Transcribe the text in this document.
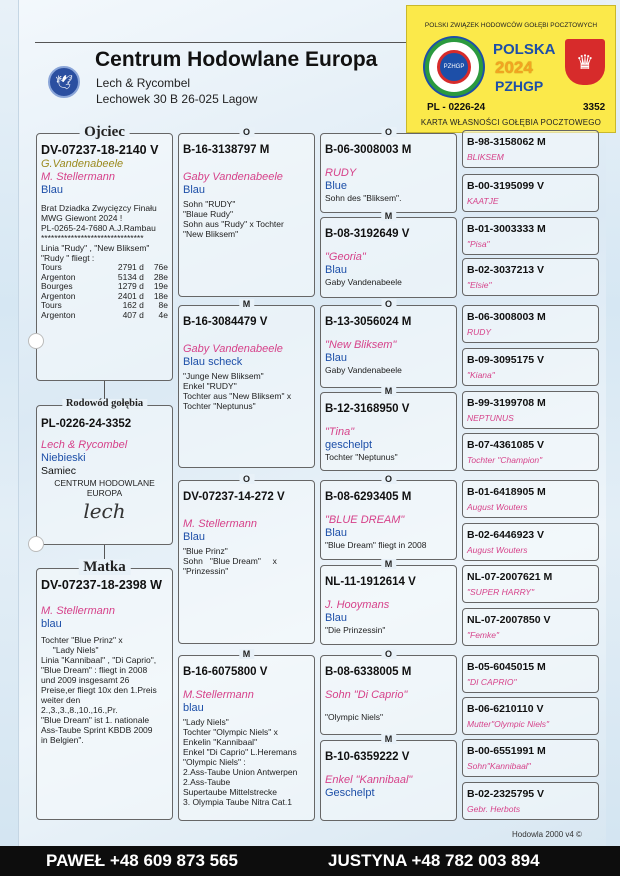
🕊
Centrum Hodowlane Europa
Lech & Rycombel
Lechowek 30 B 26-025 Lagow
POLSKI ZWIĄZEK HODOWCÓW GOŁĘBI POCZTOWYCH
PZHGP
POLSKA
2024
PZHGP
♛
PL - 0226-24	3352
KARTA WŁASNOŚCI GOŁĘBIA POCZTOWEGO
Ojciec
DV-07237-18-2140 V
G.Vandenabeele
M. Stellermann
Blau
Brat Dziadka Zwycięzcy Finału MWG Giewont 2024 !
PL-0265-24-7680 A.J.Rambau
*******************************
Linia "Rudy" , "New Bliksem"
"Rudy " fliegt :
Tours	2791 d	76e
Argenton	5134 d	28e
Bourges	1279 d	19e
Argenton	2401 d	18e
Tours	162 d	8e
Argenton	407 d	4e
Rodowód gołębia
PL-0226-24-3352
Lech & Rycombel
Niebieski
Samiec
CENTRUM HODOWLANE EUROPA
lech
Matka
DV-07237-18-2398 W
M. Stellermann
blau
Tochter "Blue Prinz" x
"Lady Niels"
Linia "Kannibaal" , "Di Caprio",
"Blue Dream" : fliegt in 2008
und 2009 insgesamt 26
Preise,er fliegt 10x den 1.Preis
weiter den
2.,3.,3.,8.,10.,16.,Pr.
"Blue Dream" ist 1. nationale
Ass-Taube Sprint KBDB 2009
in Belgien".
O
B-16-3138797 M
Gaby Vandenabeele
Blau
Sohn "RUDY"
"Blaue Rudy"
Sohn aus "Rudy" x Tochter
"New Bliksem"
M
B-16-3084479 V
Gaby Vandenabeele
Blau scheck
"Junge New Bliksem"
Enkel "RUDY"
Tochter aus "New Bliksem" x
Tochter "Neptunus"
O
DV-07237-14-272 V
M. Stellermann
Blau
"Blue Prinz"
Sohn   "Blue Dream"     x
"Prinzessin"
M
B-16-6075800 V
M.Stellermann
blau
"Lady Niels"
Tochter "Olympic Niels" x
Enkelin "Kannibaal"
Enkel "Di Caprio" L.Heremans
"Olympic Niels" :
2.Ass-Taube Union Antwerpen
2.Ass-Taube
Supertaube Mittelstrecke
3. Olympia Taube Nitra Cat.1
O
B-06-3008003 M
RUDY
Blue
Sohn des "Bliksem".
M
B-08-3192649 V
"Georia"
Blau
Gaby Vandenabeele
O
B-13-3056024 M
"New Bliksem"
Blau
Gaby Vandenabeele
M
B-12-3168950 V
"Tina"
geschelpt
Tochter "Neptunus"
O
B-08-6293405 M
"BLUE DREAM"
Blau
"Blue Dream" fliegt in 2008
M
NL-11-1912614 V
J. Hooymans
Blau
"Die Prinzessin"
O
B-08-6338005 M
Sohn "Di Caprio"
"Olympic Niels"
M
B-10-6359222 V
Enkel "Kannibaal"
Geschelpt
B-98-3158062 M
BLIKSEM
B-00-3195099 V
KAATJE
B-01-3003333 M
"Pisa"
B-02-3037213 V
"Elsie"
B-06-3008003 M
RUDY
B-09-3095175 V
"Kiana"
B-99-3199708 M
NEPTUNUS
B-07-4361085 V
Tochter "Champion"
B-01-6418905 M
August Wouters
B-02-6446923 V
August Wouters
NL-07-2007621 M
"SUPER HARRY"
NL-07-2007850 V
"Femke"
B-05-6045015 M
"DI CAPRIO"
B-06-6210110 V
Mutter"Olympic Niels"
B-00-6551991 M
Sohn"Kannibaal"
B-02-2325795 V
Gebr. Herbots
Hodowla 2000 v4 ©
PAWEŁ +48 609 873 565	JUSTYNA +48 782 003 894
